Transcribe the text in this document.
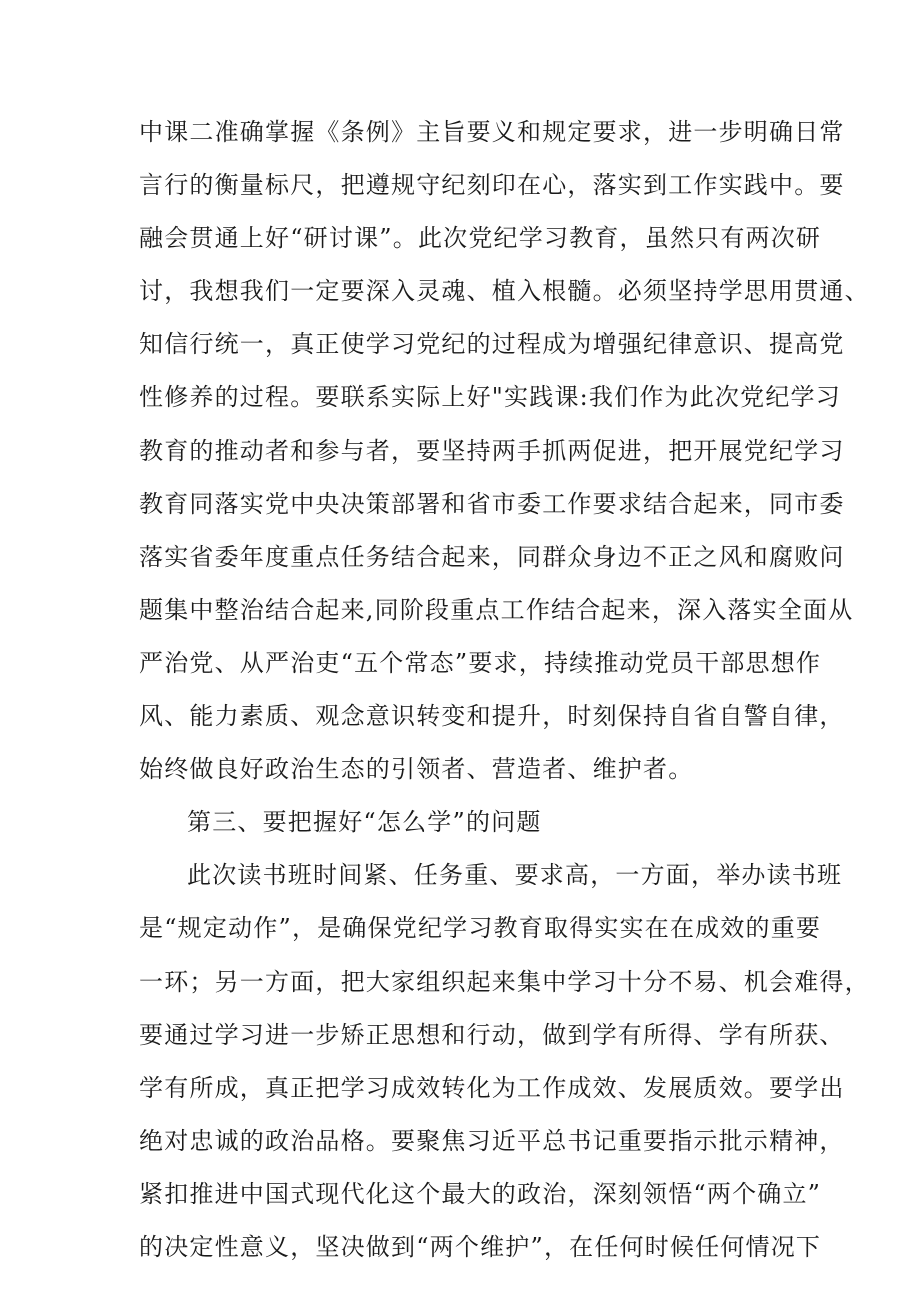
中课二准确掌握《条例》主旨要义和规定要求，进一步明确日常
言行的衡量标尺，把遵规守纪刻印在心，落实到工作实践中。要
融会贯通上好“研讨课”。此次党纪学习教育，虽然只有两次研
讨，我想我们一定要深入灵魂、植入根髓。必须坚持学思用贯通、
知信行统一，真正使学习党纪的过程成为增强纪律意识、提高党
性修养的过程。要联系实际上好"实践课:我们作为此次党纪学习
教育的推动者和参与者，要坚持两手抓两促进，把开展党纪学习
教育同落实党中央决策部署和省市委工作要求结合起来，同市委
落实省委年度重点任务结合起来，同群众身边不正之风和腐败问
题集中整治结合起来,同阶段重点工作结合起来，深入落实全面从
严治党、从严治吏“五个常态”要求，持续推动党员干部思想作
风、能力素质、观念意识转变和提升，时刻保持自省自警自律，
始终做良好政治生态的引领者、营造者、维护者。
第三、要把握好“怎么学”的问题
此次读书班时间紧、任务重、要求高，一方面，举办读书班
是“规定动作”，是确保党纪学习教育取得实实在在成效的重要
一环；另一方面，把大家组织起来集中学习十分不易、机会难得，
要通过学习进一步矫正思想和行动，做到学有所得、学有所获、
学有所成，真正把学习成效转化为工作成效、发展质效。要学出
绝对忠诚的政治品格。要聚焦习近平总书记重要指示批示精神，
紧扣推进中国式现代化这个最大的政治，深刻领悟“两个确立”
的决定性意义，坚决做到“两个维护”，在任何时候任何情况下
